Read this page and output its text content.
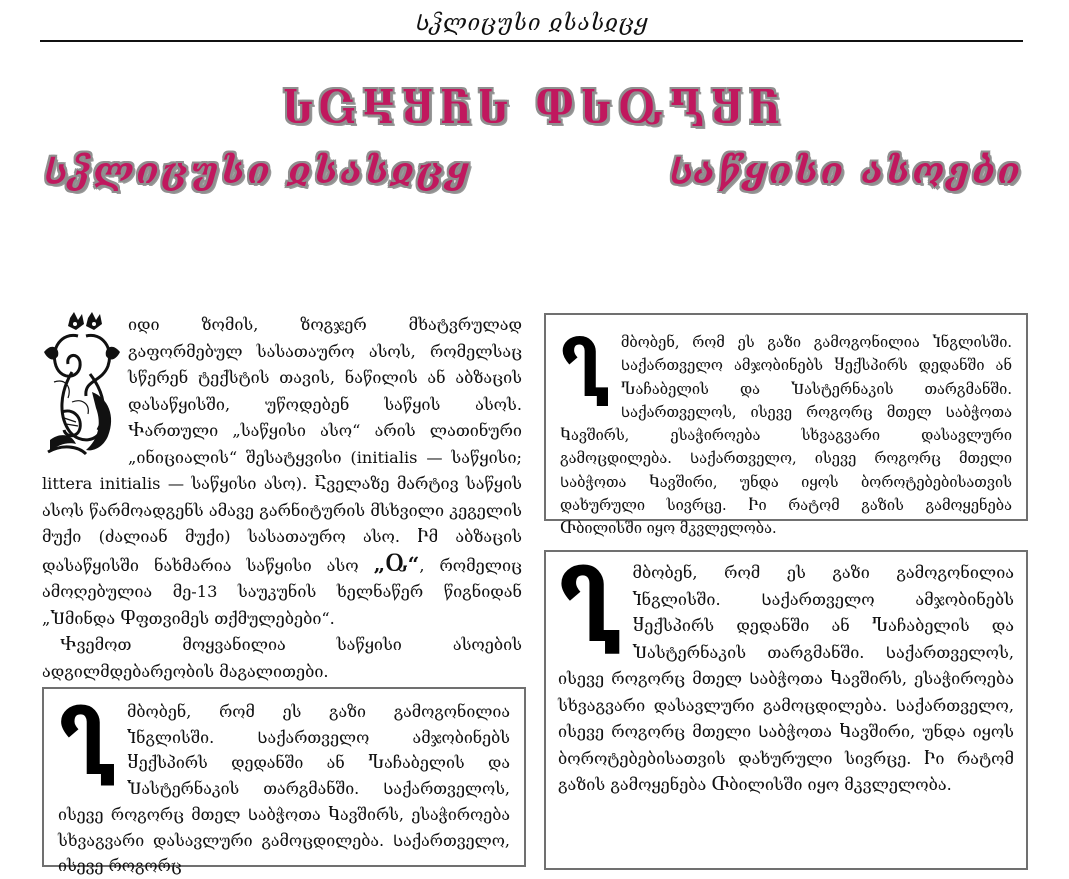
Სჴლიცუსი ჲსასჲცყ
ႱႺႾႸႬႱ ႴႱႭႢႸႬ
Სჴლიცუსი ჲსასჲცყ	Საწყისი ასოები

იდი ზომის, ზოგჯერ მხატვრულად გაფორმებულ სასათაურო ასოს, რომელსაც სწერენ ტექსტის თავის, ნაწილის ან აბზაცის დასაწყისში, უწოდებენ საწყის ასოს. Ⴕართული „საწყისი ასო“ არის ლათინური „ინიციალის“ შესატყვისი (initialis — საწყისი; littera initialis — საწყისი ასო). Ⴀველაზე მარტივ საწყის ასოს წარმოადგენს ამავე გარნიტურის მსხვილი კეგელის მუქი (ძალიან მუქი) სასათაურო ასო. Ⴡმ აბზაცის დასაწყისში ნახმარია საწყისი ასო „Ⴍ“, რომელიც ამოღებულია მე-13 საუკუნის ხელნაწერ წიგნიდან „Ⴎმინდა Ⴔფთვიმეს თქმულებები“.

Ⴕვემოთ მოყვანილია საწყისი ასოების ადგილმდებარეობის მაგალითები.

Ⴂ მბობენ, რომ ეს გაზი გამოგონილია Ⴈნგლისში. Საქართველო ამჯობინებს Ⴘექსპირს დედანში ან Ⴠაჩაბელის და Ⴎასტერნაკის თარგმანში. Საქართველოს, ისევე როგორც მთელ Საბჭოთა Ⴉავშირს, ესაჭიროება სხვაგვარი დასავლური გამოცდილება. Საქართველო, ისევე როგორც მთელი Საბჭოთა Ⴉავშირი, უნდა იყოს ბოროტებებისათვის დახურული სივრცე. Ⴡი რატომ გაზის გამოყენება Ⴇბილისში იყო მკვლელობა.

Ⴂ მბობენ, რომ ეს გაზი გამოგონილია Ⴈნგლისში. Საქართველო ამჯობინებს Ⴘექსპირს დედანში ან Ⴠაჩაბელის და Ⴎასტერნაკის თარგმანში. Საქართველოს, ისევე როგორც მთელ Საბჭოთა Ⴉავშირს, ესაჭიროება სხვაგვარი დასავლური გამოცდილება. Საქართველო, ისევე როგორც მთელი Საბჭოთა Ⴉავშირი, უნდა იყოს ბოროტებებისათვის დახურული სივრცე. Ⴡი რატომ გაზის გამოყენება Ⴇბილისში იყო მკვლელობა.

Ⴂ მბობენ, რომ ეს გაზი გამოგონილია Ⴈნგლისში. Საქართველო ამჯობინებს Ⴘექსპირს დედანში ან Ⴠაჩაბელის და Ⴎასტერნაკის თარგმანში. Საქართველოს, ისევე როგორც მთელ Საბჭოთა Ⴉავშირს, ესაჭიროება სხვაგვარი დასავლური გამოცდილება. Საქართველო, ისევე როგორც
